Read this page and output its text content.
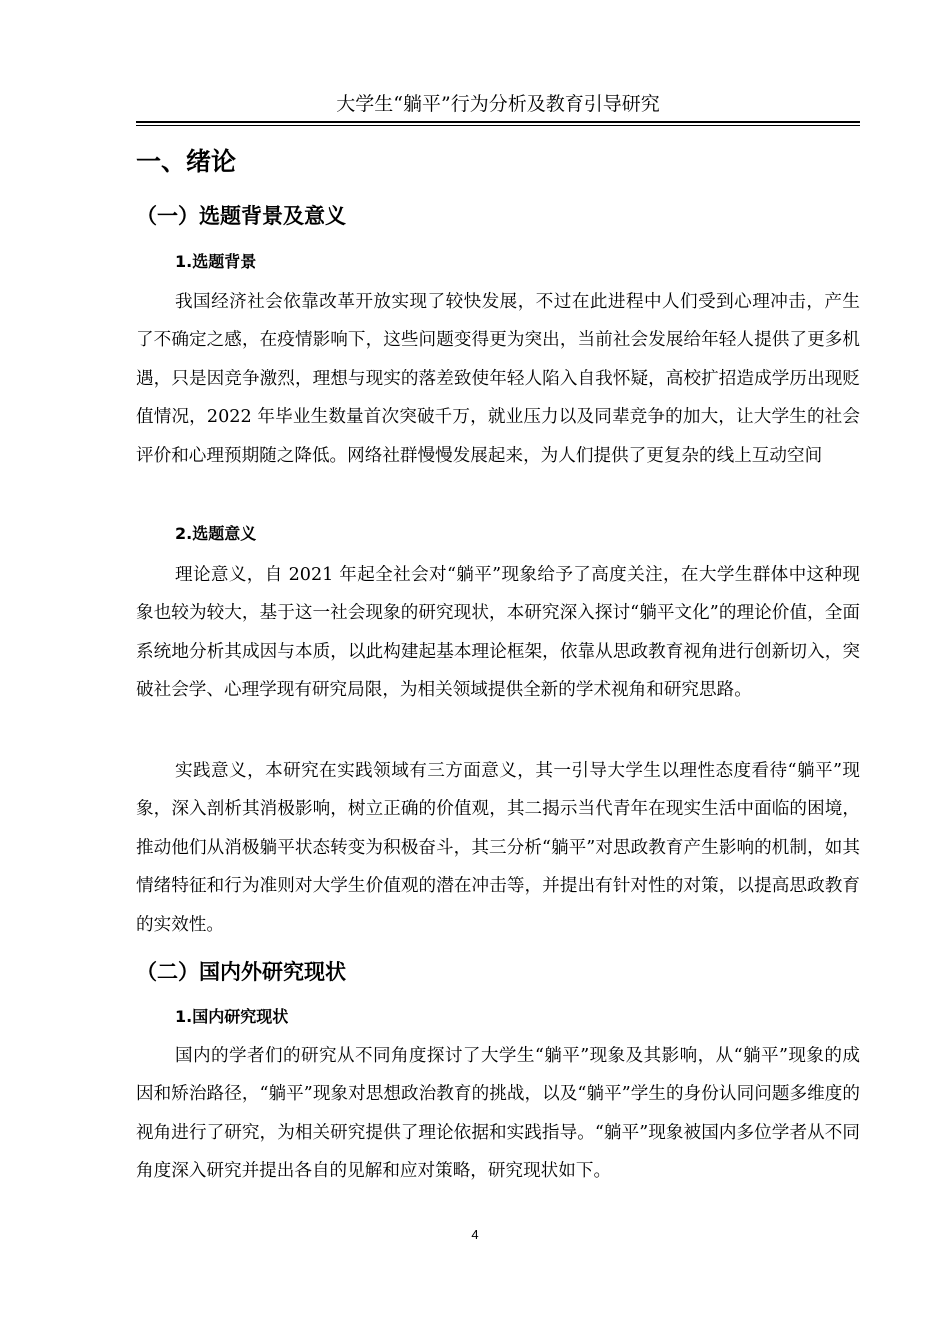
大学生“躺平”行为分析及教育引导研究
一、绪论
（一）选题背景及意义
1.选题背景

我国经济社会依靠改革开放实现了较快发展，不过在此进程中人们受到心理冲击，产生了不确定之感，在疫情影响下，这些问题变得更为突出，当前社会发展给年轻人提供了更多机遇，只是因竞争激烈，理想与现实的落差致使年轻人陷入自我怀疑，高校扩招造成学历出现贬值情况，2022 年毕业生数量首次突破千万，就业压力以及同辈竞争的加大，让大学生的社会评价和心理预期随之降低。网络社群慢慢发展起来，为人们提供了更复杂的线上互动空间

2.选题意义

理论意义，自 2021 年起全社会对“躺平”现象给予了高度关注，在大学生群体中这种现象也较为较大，基于这一社会现象的研究现状，本研究深入探讨“躺平文化”的理论价值，全面系统地分析其成因与本质，以此构建起基本理论框架，依靠从思政教育视角进行创新切入，突破社会学、心理学现有研究局限，为相关领域提供全新的学术视角和研究思路。

实践意义，本研究在实践领域有三方面意义，其一引导大学生以理性态度看待“躺平”现象，深入剖析其消极影响，树立正确的价值观，其二揭示当代青年在现实生活中面临的困境，推动他们从消极躺平状态转变为积极奋斗，其三分析“躺平”对思政教育产生影响的机制，如其情绪特征和行为准则对大学生价值观的潜在冲击等，并提出有针对性的对策，以提高思政教育的实效性。

（二）国内外研究现状
1.国内研究现状

国内的学者们的研究从不同角度探讨了大学生“躺平”现象及其影响，从“躺平”现象的成因和矫治路径，“躺平”现象对思想政治教育的挑战，以及“躺平”学生的身份认同问题多维度的视角进行了研究，为相关研究提供了理论依据和实践指导。“躺平”现象被国内多位学者从不同角度深入研究并提出各自的见解和应对策略，研究现状如下。

4
